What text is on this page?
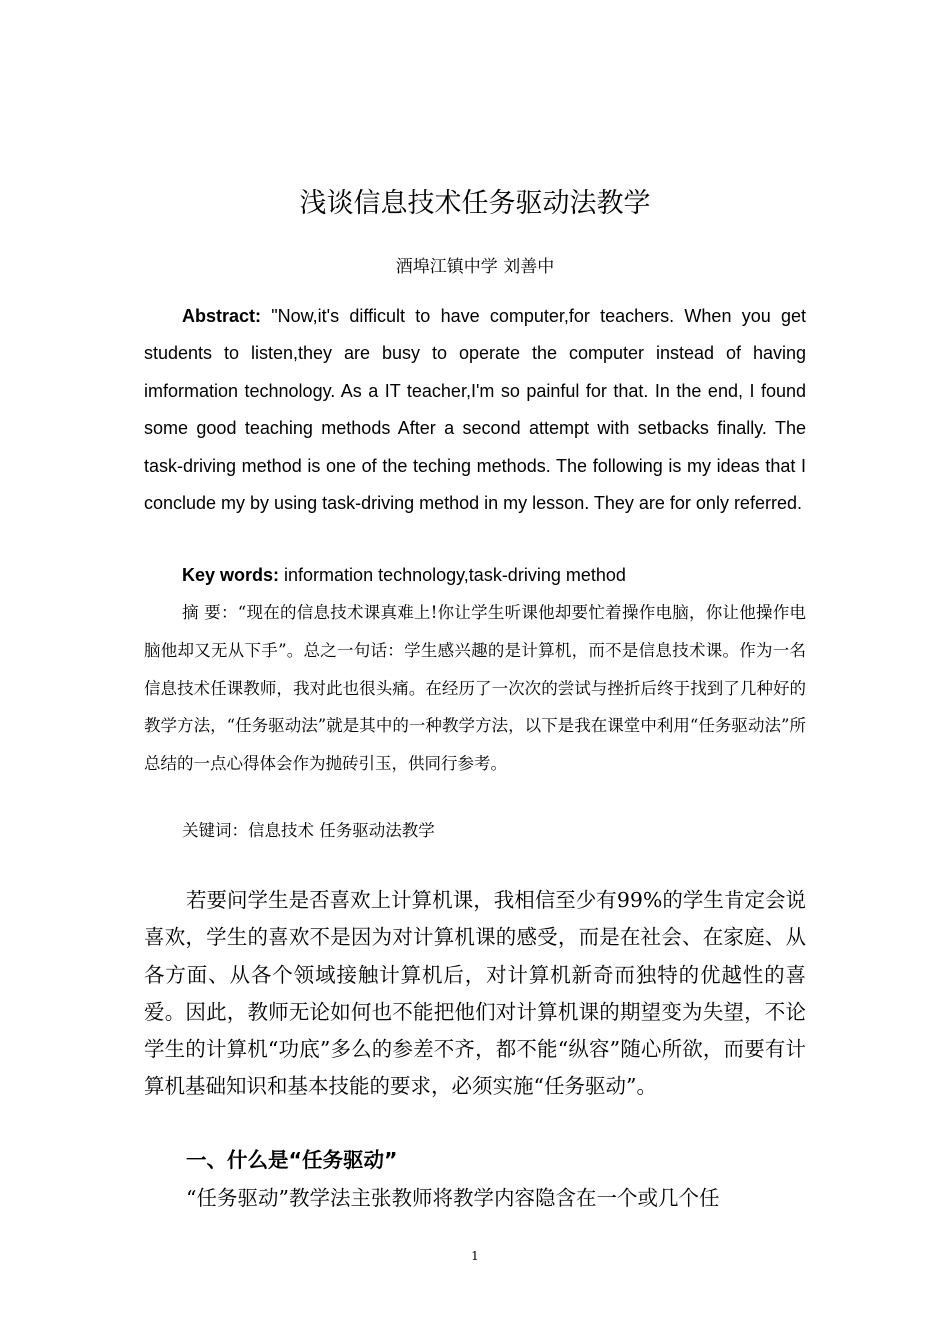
浅谈信息技术任务驱动法教学
酒埠江镇中学 刘善中

Abstract: "Now,it's difficult to have computer,for teachers. When you get students to listen,they are busy to operate the computer instead of having imformation technology. As a IT teacher,I'm so painful for that. In the end, I found some good teaching methods After a second attempt with setbacks finally. The task-driving method is one of the teching methods. The following is my ideas that I conclude my by using task-driving method in my lesson. They are for only referred.

Key words: information technology,task-driving method

摘 要：“现在的信息技术课真难上!你让学生听课他却要忙着操作电脑，你让他操作电脑他却又无从下手”。总之一句话：学生感兴趣的是计算机，而不是信息技术课。作为一名信息技术任课教师，我对此也很头痛。在经历了一次次的尝试与挫折后终于找到了几种好的教学方法，“任务驱动法”就是其中的一种教学方法，以下是我在课堂中利用“任务驱动法”所总结的一点心得体会作为抛砖引玉，供同行参考。

关键词：信息技术 任务驱动法教学

若要问学生是否喜欢上计算机课，我相信至少有99%的学生肯定会说喜欢，学生的喜欢不是因为对计算机课的感受，而是在社会、在家庭、从各方面、从各个领域接触计算机后，对计算机新奇而独特的优越性的喜爱。因此，教师无论如何也不能把他们对计算机课的期望变为失望，不论学生的计算机“功底”多么的参差不齐，都不能“纵容”随心所欲，而要有计算机基础知识和基本技能的要求，必须实施“任务驱动”。

一、什么是“任务驱动”

“任务驱动”教学法主张教师将教学内容隐含在一个或几个任

1
